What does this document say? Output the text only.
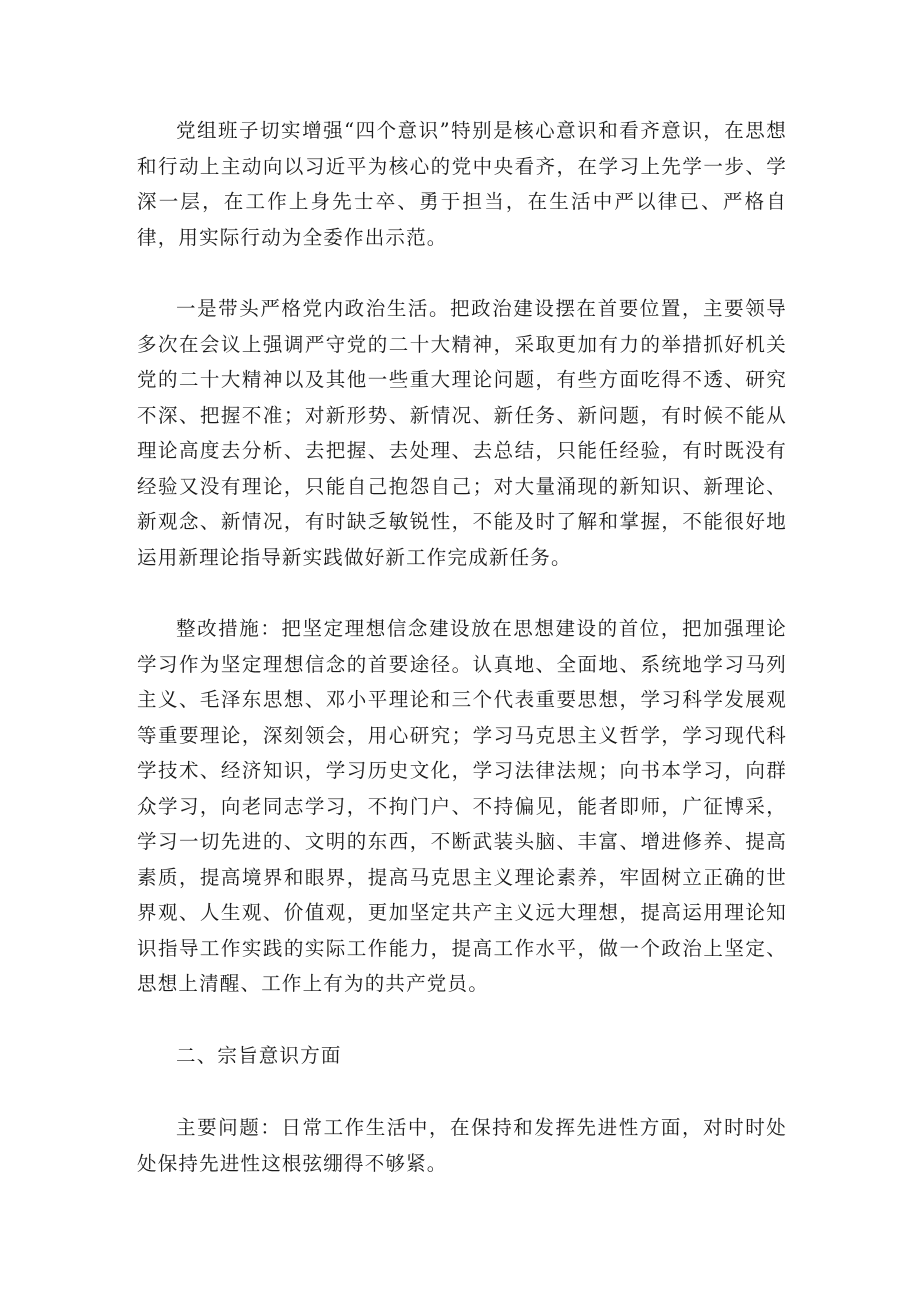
党组班子切实增强“四个意识”特别是核心意识和看齐意识，在思想和行动上主动向以习近平为核心的党中央看齐，在学习上先学一步、学深一层，在工作上身先士卒、勇于担当，在生活中严以律已、严格自律，用实际行动为全委作出示范。

一是带头严格党内政治生活。把政治建设摆在首要位置，主要领导多次在会议上强调严守党的二十大精神，采取更加有力的举措抓好机关党的二十大精神以及其他一些重大理论问题，有些方面吃得不透、研究不深、把握不准；对新形势、新情况、新任务、新问题，有时候不能从理论高度去分析、去把握、去处理、去总结，只能任经验，有时既没有经验又没有理论，只能自己抱怨自己；对大量涌现的新知识、新理论、新观念、新情况，有时缺乏敏锐性，不能及时了解和掌握，不能很好地运用新理论指导新实践做好新工作完成新任务。

整改措施：把坚定理想信念建设放在思想建设的首位，把加强理论学习作为坚定理想信念的首要途径。认真地、全面地、系统地学习马列主义、毛泽东思想、邓小平理论和三个代表重要思想，学习科学发展观等重要理论，深刻领会，用心研究；学习马克思主义哲学，学习现代科学技术、经济知识，学习历史文化，学习法律法规；向书本学习，向群众学习，向老同志学习，不拘门户、不持偏见，能者即师，广征博采，学习一切先进的、文明的东西，不断武装头脑、丰富、增进修养、提高素质，提高境界和眼界，提高马克思主义理论素养，牢固树立正确的世界观、人生观、价值观，更加坚定共产主义远大理想，提高运用理论知识指导工作实践的实际工作能力，提高工作水平，做一个政治上坚定、思想上清醒、工作上有为的共产党员。

二、宗旨意识方面

主要问题：日常工作生活中，在保持和发挥先进性方面，对时时处处保持先进性这根弦绷得不够紧。
